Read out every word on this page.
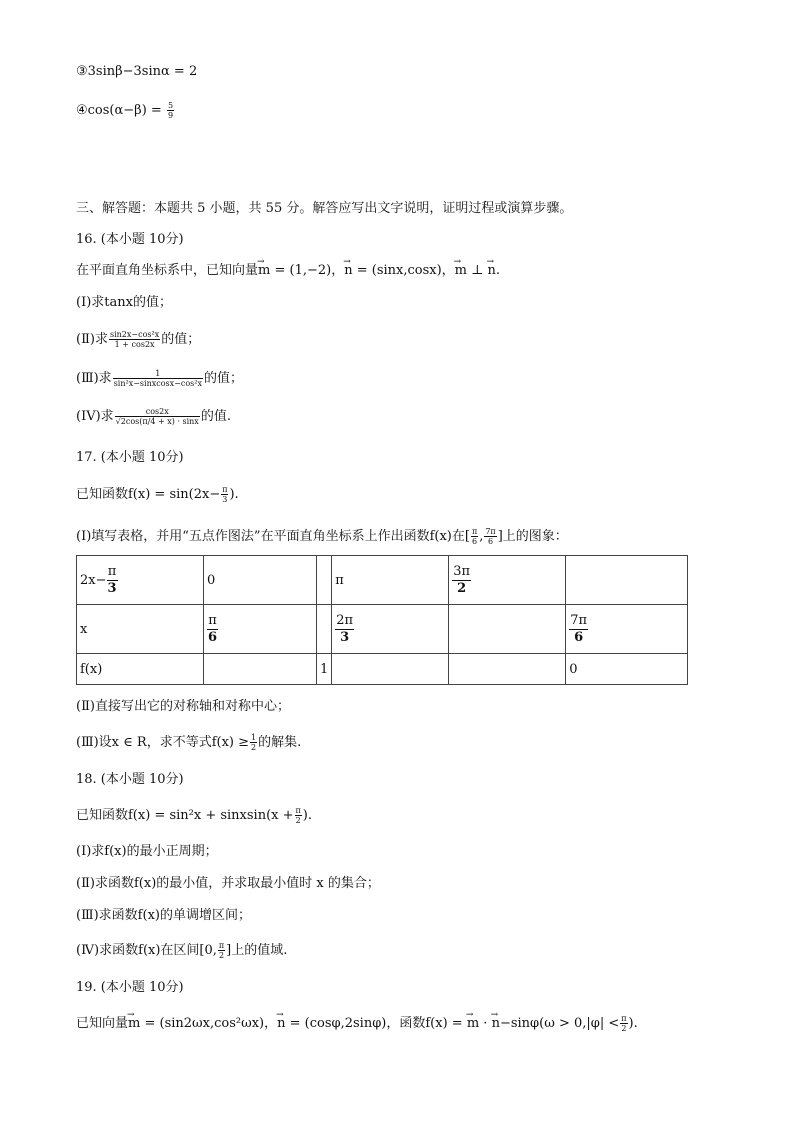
③3sinβ−3sinα = 2
④cos(α−β) = $\frac{5}{9}$
三、解答题：本题共 5 小题，共 55 分。解答应写出文字说明，证明过程或演算步骤。
16. (本小题 10分)
在平面直角坐标系中，已知向量→ m = (1,−2)，→ n = (sinx,cosx)，→ m ⊥ → n.
(Ⅰ)求tanx的值；
(Ⅱ)求 $\frac{\text{sin2x−cos²x}}{1 + \cos 2x}$ 的值；
(Ⅲ)求 $\frac{1}{\text{sin²x−sinxcosx−cos²x}}$ 的值；
(IV)求 $\frac{\cos 2x}{√2\cos(\pi/4 + x) \cdot \sin x}$ 的值.
17. (本小题 10分)
已知函数$f(x) = \sin(2x- \frac{\pi}{3}$ ).
(Ⅰ)填写表格，并用“五点作图法”在平面直角坐标系上作出函数f(x)在[ $\frac{\pi}{6}$ , $\frac{7\pi}{6}$ ]上的图象：
$2x- \frac{\pi}{3}$	0		π	$\frac{3\pi}{2}$

x	$\frac{\pi}{6}$		$\frac{2\pi}{3}$		$\frac{7\pi}{6}$

f(x)		1			0
(Ⅱ)直接写出它的对称轴和对称中心；
(Ⅲ)设x ∈ R，求不等式$f(x) \ge \frac{1}{2}$ 的解集.
18. (本小题 10分)
已知函数f(x) = sin²x + sinxsin(x + $\frac{\pi}{2}$ ).
(Ⅰ)求f(x)的最小正周期；
(Ⅱ)求函数f(x)的最小值，并求取最小值时 x 的集合；
(Ⅲ)求函数f(x)的单调增区间；
(Ⅳ)求函数f(x)在区间[0, $\frac{\pi}{2}$ ]上的值域.
19. (本小题 10分)
已知向量→ m = (sin2ωx,cos²ωx)，→ n = (cosφ,2sinφ)，函数f(x) = → m · → $n-\sin\varphi(\omega > 0,|\varphi| < \frac{\pi}{2}$ ).
